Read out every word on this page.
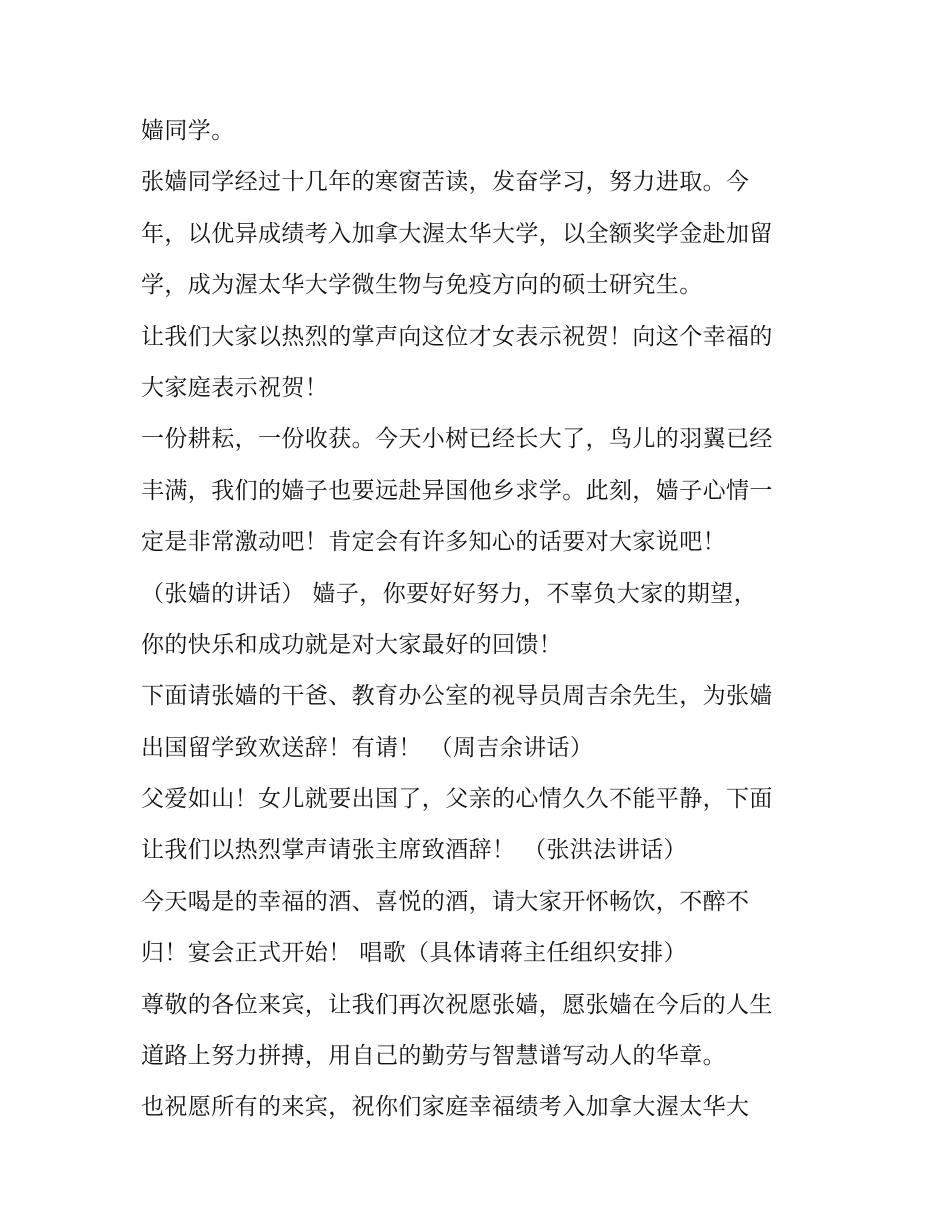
嫱同学。
张嫱同学经过十几年的寒窗苦读，发奋学习，努力进取。今
年，以优异成绩考入加拿大渥太华大学，以全额奖学金赴加留
学，成为渥太华大学微生物与免疫方向的硕士研究生。
让我们大家以热烈的掌声向这位才女表示祝贺！向这个幸福的
大家庭表示祝贺！
一份耕耘，一份收获。今天小树已经长大了，鸟儿的羽翼已经
丰满，我们的嫱子也要远赴异国他乡求学。此刻，嫱子心情一
定是非常激动吧！肯定会有许多知心的话要对大家说吧！
（张嫱的讲话） 嫱子，你要好好努力，不辜负大家的期望，
你的快乐和成功就是对大家最好的回馈！
下面请张嫱的干爸、教育办公室的视导员周吉余先生，为张嫱
出国留学致欢送辞！有请！ （周吉余讲话）
父爱如山！女儿就要出国了，父亲的心情久久不能平静，下面
让我们以热烈掌声请张主席致酒辞！ （张洪法讲话）
今天喝是的幸福的酒、喜悦的酒，请大家开怀畅饮，不醉不
归！宴会正式开始！ 唱歌（具体请蒋主任组织安排）
尊敬的各位来宾，让我们再次祝愿张嫱，愿张嫱在今后的人生
道路上努力拼搏，用自己的勤劳与智慧谱写动人的华章。
也祝愿所有的来宾，祝你们家庭幸福绩考入加拿大渥太华大
